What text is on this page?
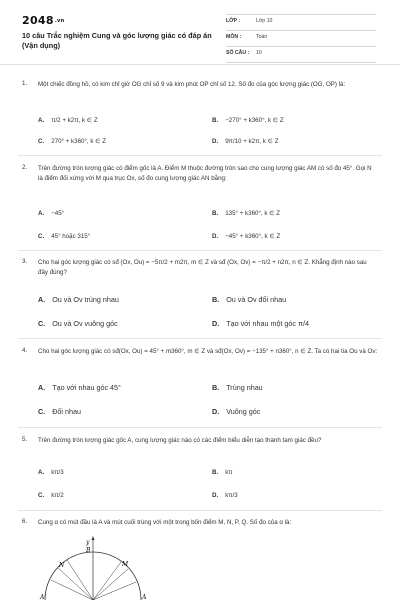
2048.vn
10 câu Trắc nghiệm Cung và góc lượng giác có đáp án (Vận dụng)
LỚP :	Lớp 10
MÔN :	Toán
SỐ CÂU : 10
1. Một chiếc đồng hồ, có kim chỉ giờ OG chỉ số 9 và kim phút OP chỉ số 12. Số đo của góc lượng giác (OG, OP) là:
A. π/2 + k2π, k ∈ Z	B. −270° + k360°, k ∈ Z
C. 270° + k360°, k ∈ Z	D. 9π/10 + k2π, k ∈ Z
2. Trên đường tròn lượng giác có điểm gốc là A. Điểm M thuộc đường tròn sao cho cung lượng giác AM có số đo 45°. Gọi N là điểm đối xứng với M qua trục Ox, số đo cung lượng giác AN bằng:
A. −45°	B. 135° + k360°, k ∈ Z
C. 45° hoặc 315°	D. −45° + k360°, k ∈ Z
3. Cho hai góc lượng giác có sđ (Ox, Ou) = −5π/2 + m2π, m ∈ Z và sđ (Ox, Ov) = −π/2 + n2π, n ∈ Z. Khẳng định nào sau đây đúng?
A. Ou và Ov trùng nhau	B. Ou và Ov đối nhau
C. Ou và Ov vuông góc	D. Tạo với nhau một góc π/4
4. Cho hai góc lượng giác có sđ(Ox, Ou) = 45° + m360°, m ∈ Z và sđ(Ox, Ov) = −135° + n360°, n ∈ Z. Ta có hai tia Ou và Ov:
A. Tạo với nhau góc 45°	B. Trùng nhau
C. Đối nhau	D. Vuông góc
5. Trên đường tròn lượng giác gốc A, cung lượng giác nào có các điểm biểu diễn tạo thành tam giác đều?
A. kπ/3	B. kπ
C. kπ/2	D. kπ/3
6. Cung α có mút đầu là A và mút cuối trùng với một trong bốn điểm M, N, P, Q. Số đo của α là:
y
B
N	M
A'	A
